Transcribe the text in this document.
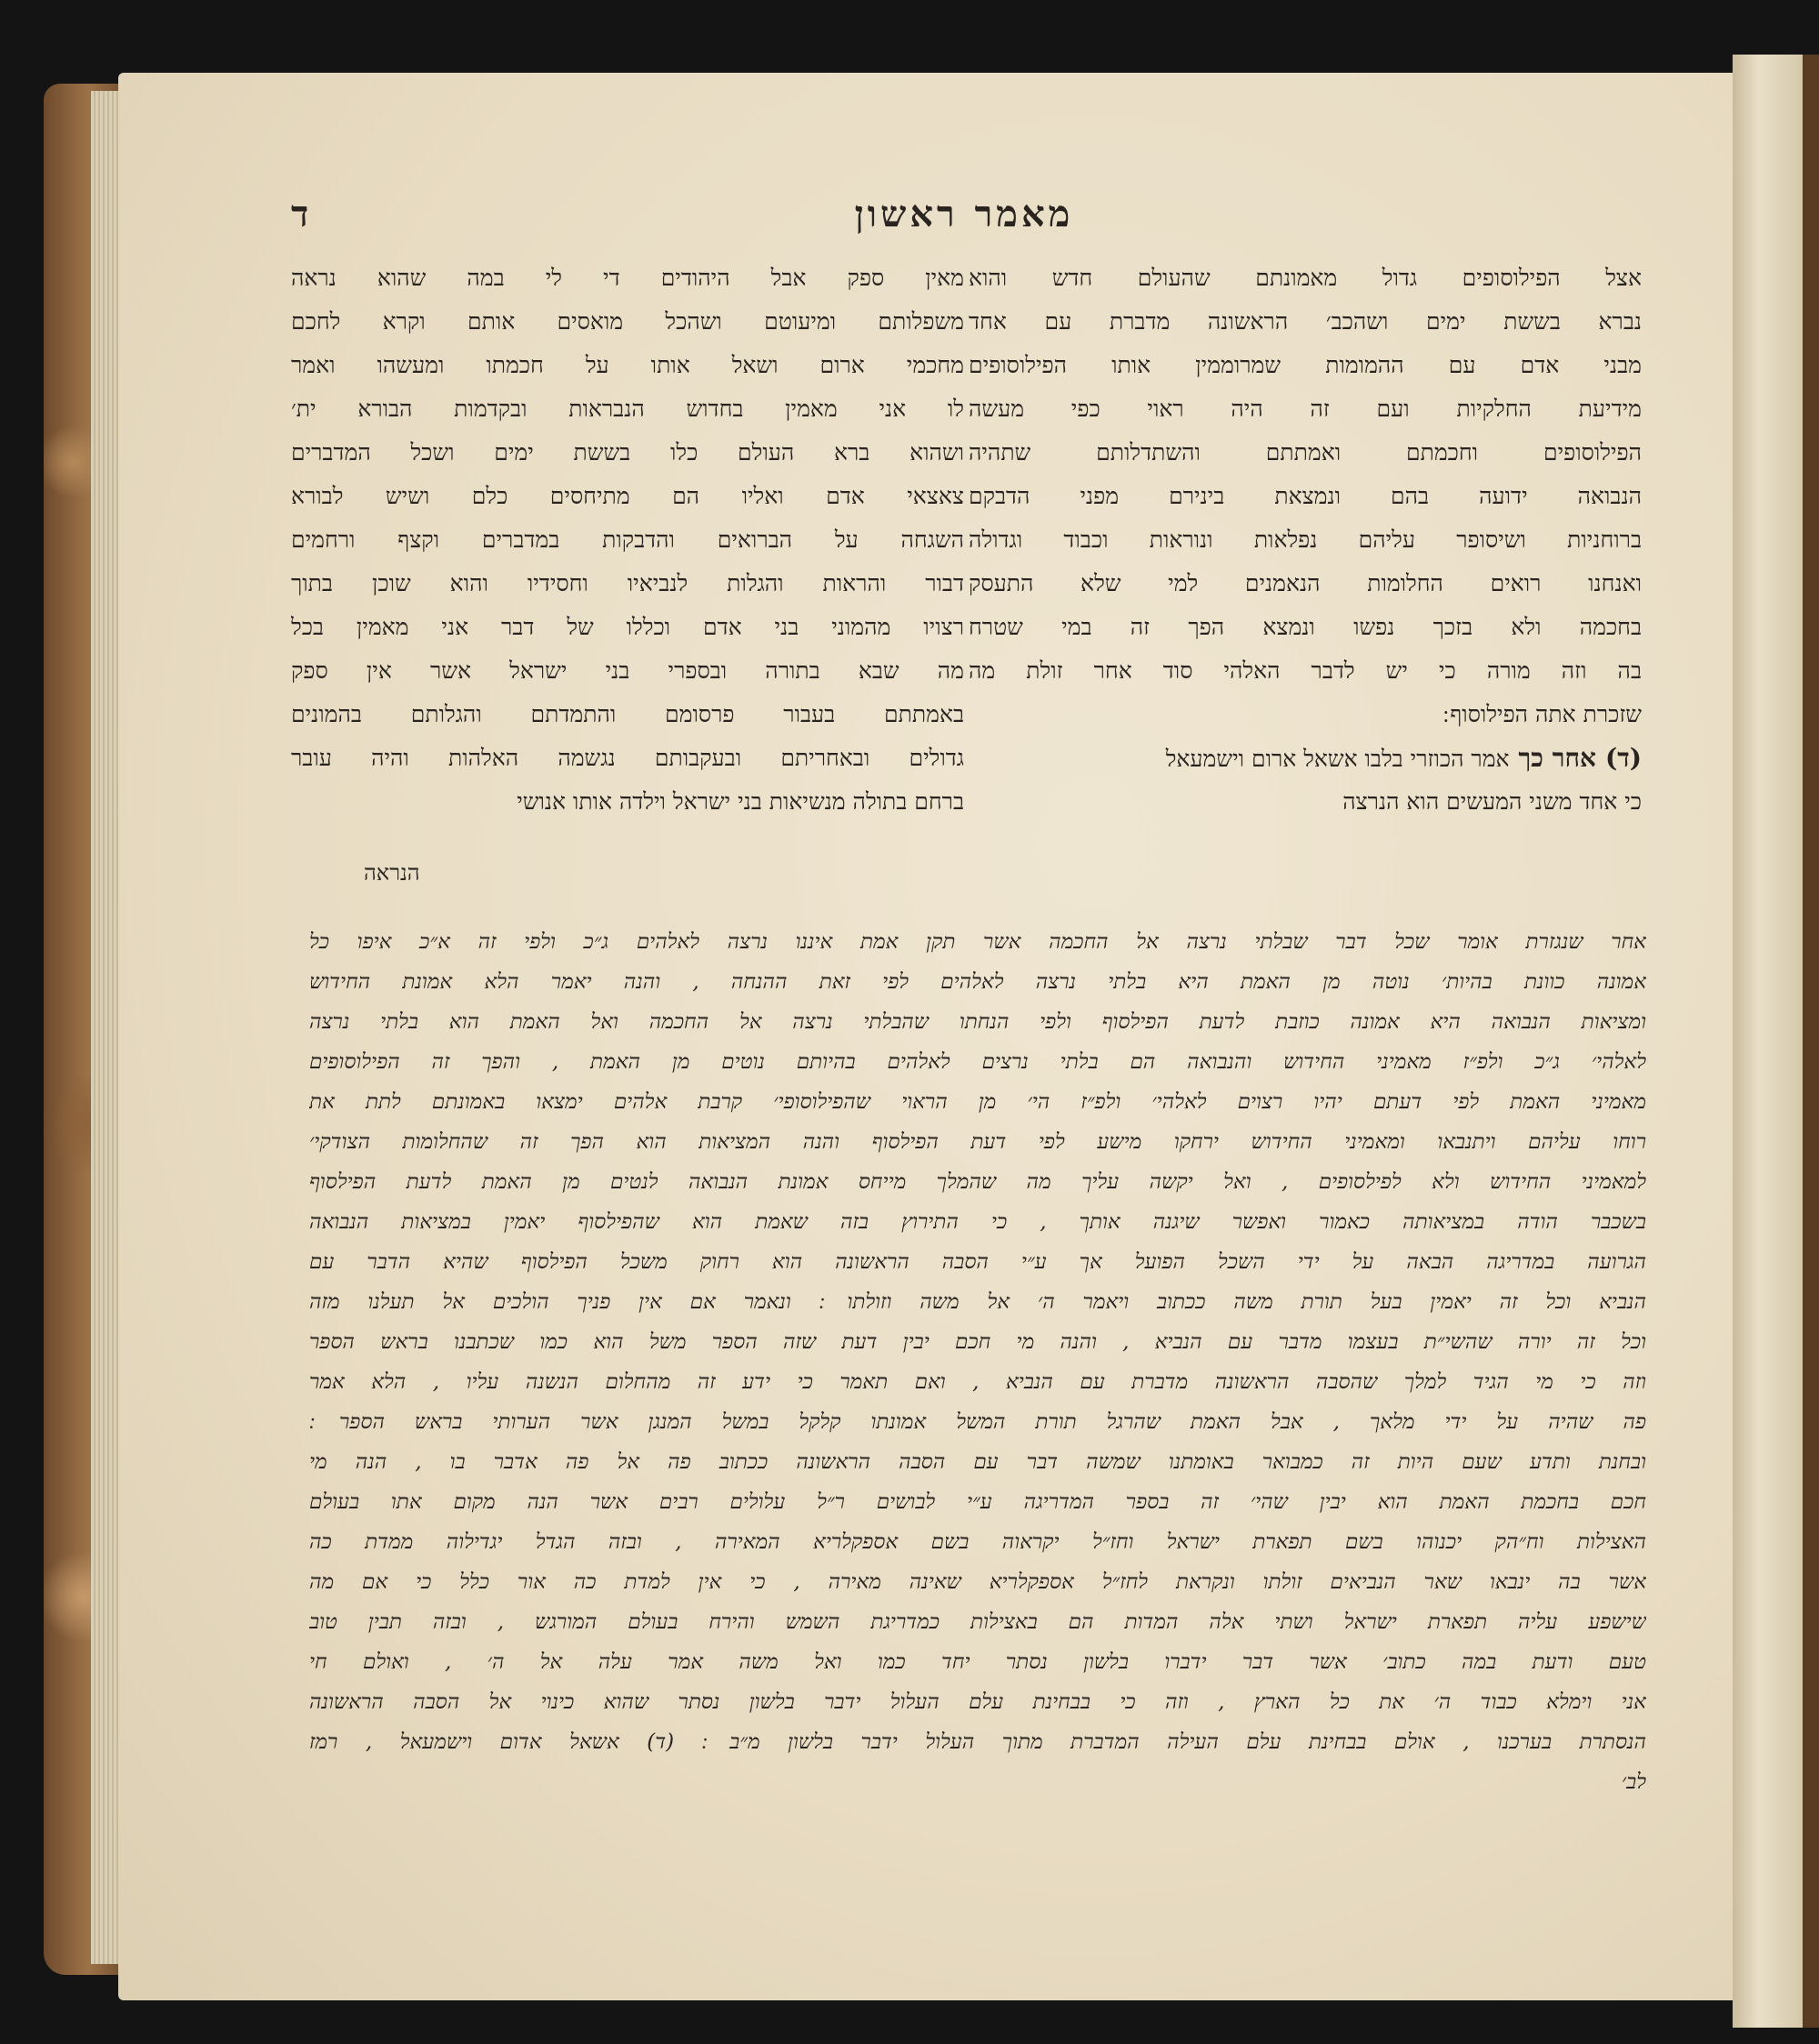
מאמר ראשון
ד
אצל הפילוסופים גדול מאמונתם שהעולם חדש והוא
נברא בששת ימים ושהכב׳ הראשונה מדברת עם אחד
מבני אדם עם ההמומות שמרוממין אותו הפילוסופים
מידיעת החלקיות ועם זה היה ראוי כפי מעשה
הפילוסופים וחכמתם ואמתתם והשתדלותם שתהיה
הנבואה ידועה בהם ונמצאת בינירם מפני הדבקם
ברוחניות ושיסופר עליהם נפלאות ונוראות וכבוד וגדולה
ואנחנו רואים החלומות הנאמנים למי שלא התעסק
בחכמה ולא בזכך נפשו ונמצא הפך זה במי שטרח
בה וזה מורה כי יש לדבר האלהי סוד אחר זולת מה
שזכרת אתה הפילוסוף ׃
(ד)אחר כךאמר הכוזרי בלבו אשאל ארום וישמעאל
כי אחד משני המעשים הוא הנרצה
מאין ספק אבל היהודים די לי במה שהוא נראה
משפלותם ומיעוטם ושהכל מואסים אותם וקרא לחכם
מחכמי ארום ושאל אותו על חכמתו ומעשהו ואמר
לו אני מאמין בחדוש הנבראות ובקדמות הבורא ית׳
ושהוא ברא העולם כלו בששת ימים ושכל המדברים
צאצאי אדם ואליו הם מתיחסים כלם ושיש לבורא
השגחה על הברואים והדבקות במדברים וקצף ורחמים
דבור והראות והגלות לנביאיו וחסידיו והוא שוכן בתוך
רצויו מהמוני בני אדם וכללו של דבר אני מאמין בכל
מה שבא בתורה ובספרי בני ישראל אשר אין ספק
באמתתם בעבור פרסומם והתמדתם והגלותם בהמונים
גדולים ובאחריתם ובעקבותם נגשמה האלהות והיה עובר
ברחם בתולה מנשיאות בני ישראל וילדה אותו אנושי
הנראה
אחר שנגזרת אומר שכל דבר שבלתי נרצה אל החכמה אשר תקן אמת איננו נרצה לאלהים ג״כ ולפי זה א״כ איפו כל
אמונה כוונת בהיות׳ נוטה מן האמת היא בלתי נרצה לאלהים לפי זאת ההנחה , והנה יאמר הלא אמונת החידוש
ומציאות הנבואה היא אמונה כוזבת לדעת הפילסוף ולפי הנחתו שהבלתי נרצה אל החכמה ואל האמת הוא בלתי נרצה
לאלהי׳ ג״כ ולפ״ז מאמיני החידוש והנבואה הם בלתי נרצים לאלהים בהיותם נוטים מן האמת , והפך זה הפילוסופים
מאמיני האמת לפי דעתם יהיו רצוים לאלהי׳ ולפ״ז הי׳ מן הראוי שהפילוסופי׳ קרבת אלהים ימצאו באמונתם לתת את
רוחו עליהם ויתנבאו ומאמיני החידוש ירחקו מישע לפי דעת הפילסוף והנה המציאות הוא הפך זה שהחלומות הצודקי׳
למאמיני החידוש ולא לפילסופים , ואל יקשה עליך מה שהמלך מייחס אמונת הנבואה לנטים מן האמת לדעת הפילסוף
בשכבר הודה במציאותה כאמור ואפשר שיגנה אותך , כי התירוץ בזה שאמת הוא שהפילסוף יאמין במציאות הנבואה
הגרועה במדריגה הבאה על ידי השכל הפועל אך ע״י הסבה הראשונה הוא רחוק משכל הפילסוף שהיא הדבר עם
הנביא וכל זה יאמין בעל תורת משה ככתוב ויאמר ה׳ אל משה וזולתו ׃ ונאמר אם אין פניך הולכים אל תעלנו מזה
וכל זה יורה שהשי״ת בעצמו מדבר עם הנביא , והנה מי חכם יבין דעת שזה הספר משל הוא כמו שכתבנו בראש הספר
וזה כי מי הגיד למלך שהסבה הראשונה מדברת עם הנביא , ואם תאמר כי ידע זה מהחלום הנשנה עליו , הלא אמר
פה שהיה על ידי מלאך , אבל האמת שהרגל תורת המשל אמונתו קלקל במשל המנגן אשר הערותי בראש הספר ׃
ובחנת ותדע שעם היות זה כמבואר באומתנו שמשה דבר עם הסבה הראשונה ככתוב פה אל פה אדבר בו , הנה מי
חכם בחכמת האמת הוא יבין שהי׳ זה בספר המדריגה ע״י לבושים ר״ל עלולים רבים אשר הנה מקום אתו בעולם
האצילות וח״הק יכנוהו בשם תפארת ישראל וחז״ל יקראוה בשם אספקלריא המאירה , ובזה הגדל יגדילוה ממדת כה
אשר בה ינבאו שאר הנביאים זולתו ונקראת לחז״ל אספקלריא שאינה מאירה , כי אין למדת כה אור כלל כי אם מה
שישפע עליה תפארת ישראל ושתי אלה המדות הם באצילות כמדריגת השמש והירח בעולם המורגש , ובזה תבין טוב
טעם ודעת במה כתוב׳ אשר דבר ידברו בלשון נסתר יחד כמו ואל משה אמר עלה אל ה׳ , ואולם חי
אני וימלא כבוד ה׳ את כל הארץ , וזה כי בבחינת עלם העלול ידבר בלשון נסתר שהוא כינוי אל הסבה הראשונה
הנסתרת בערכנו , אולם בבחינת עלם העילה המדברת מתוך העלול ידבר בלשון מ״ב ׃ (ד) אשאל אדום וישמעאל , רמז
לב׳
